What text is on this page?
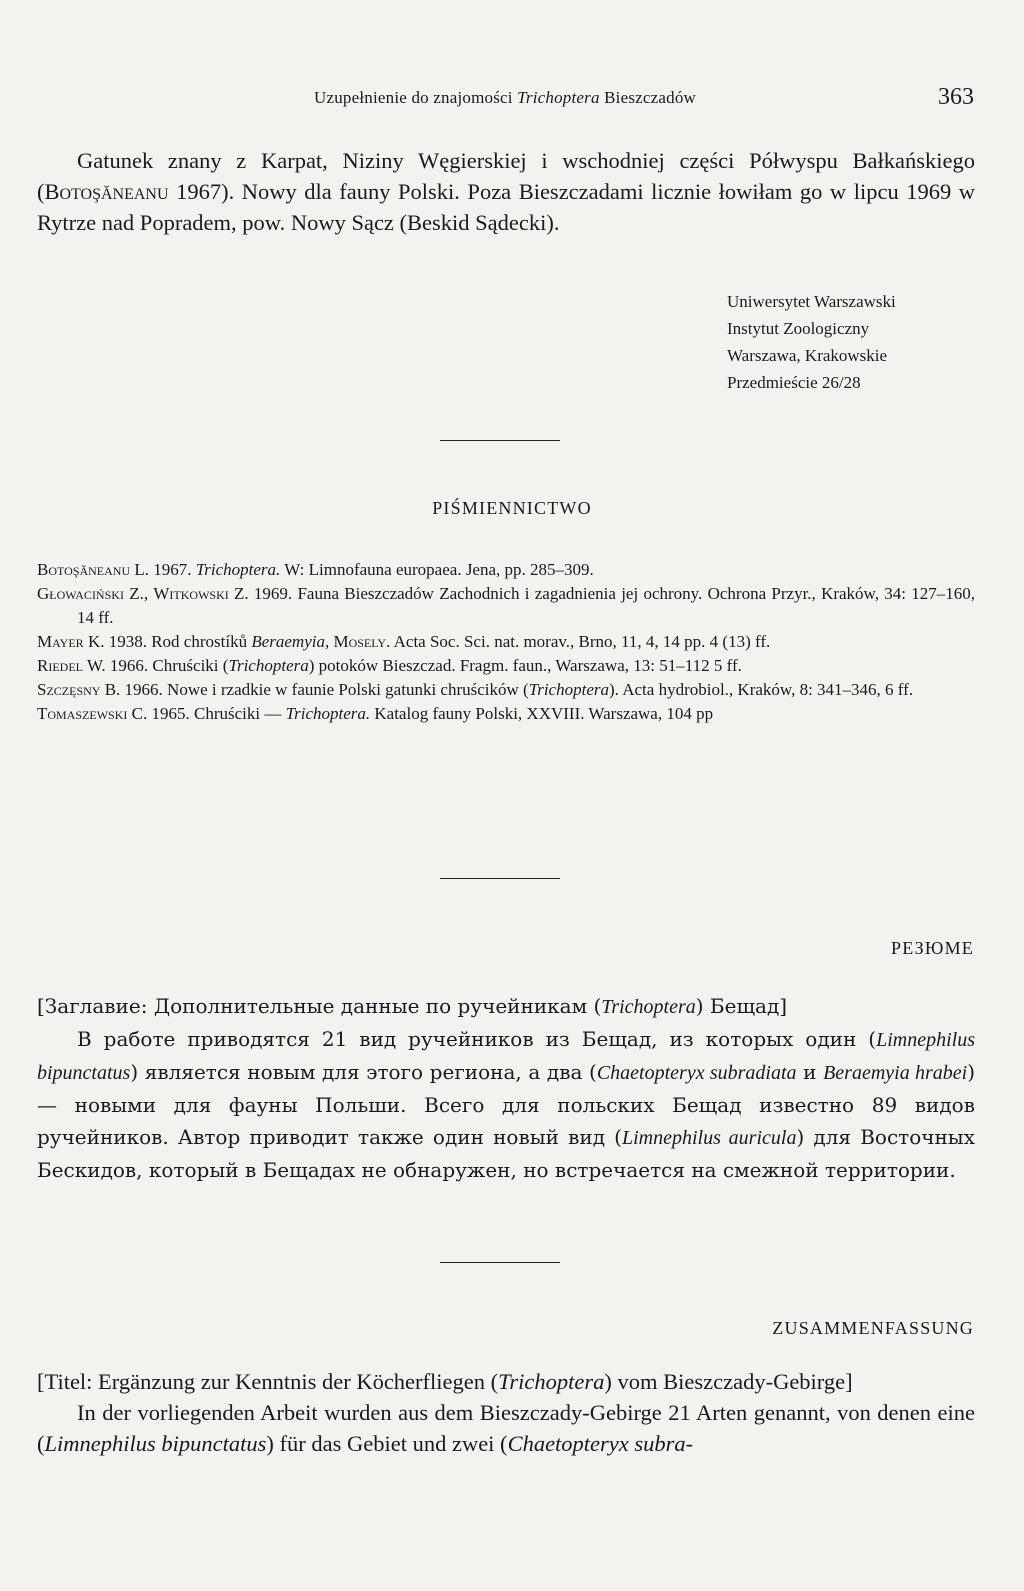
Uzupełnienie do znajomości Trichoptera Bieszczadów	363
Gatunek znany z Karpat, Niziny Węgierskiej i wschodniej części Półwyspu Bałkańskiego (Botoşăneanu 1967). Nowy dla fauny Polski. Poza Bieszczadami licznie łowiłam go w lipcu 1969 w Rytrze nad Popradem, pow. Nowy Sącz (Beskid Sądecki).
Uniwersytet Warszawski
Instytut Zoologiczny
Warszawa, Krakowskie
Przedmieście 26/28
PIŚMIENNICTWO
Botoşăneanu L. 1967. Trichoptera. W: Limnofauna europaea. Jena, pp. 285–309.
Głowaciński Z., Witkowski Z. 1969. Fauna Bieszczadów Zachodnich i zagadnienia jej ochrony. Ochrona Przyr., Kraków, 34: 127–160, 14 ff.
Mayer K. 1938. Rod chrostíků Beraemyia, Mosely. Acta Soc. Sci. nat. morav., Brno, 11, 4, 14 pp. 4 (13) ff.
Riedel W. 1966. Chruściki (Trichoptera) potoków Bieszczad. Fragm. faun., Warszawa, 13: 51–112 5 ff.
Szczęsny B. 1966. Nowe i rzadkie w faunie Polski gatunki chruścików (Trichoptera). Acta hydrobiol., Kraków, 8: 341–346, 6 ff.
Tomaszewski C. 1965. Chruściki — Trichoptera. Katalog fauny Polski, XXVIII. Warszawa, 104 pp
РЕЗЮМЕ
[Заглавие: Дополнительные данные по ручейникам (Trichoptera) Бещад]
В работе приводятся 21 вид ручейников из Бещад, из которых один (Limnephilus bipunctatus) является новым для этого региона, а два (Chaetopteryx subradiata и Beraemyia hrabei) — новыми для фауны Польши. Всего для польских Бещад известно 89 видов ручейников. Автор приводит также один новый вид (Limnephilus auricula) для Восточных Бескидов, который в Бещадах не обнаружен, но встречается на смежной территории.
ZUSAMMENFASSUNG
[Titel: Ergänzung zur Kenntnis der Köcherfliegen (Trichoptera) vom Bieszczady-Gebirge]
In der vorliegenden Arbeit wurden aus dem Bieszczady-Gebirge 21 Arten genannt, von denen eine (Limnephilus bipunctatus) für das Gebiet und zwei (Chaetopteryx subra-
